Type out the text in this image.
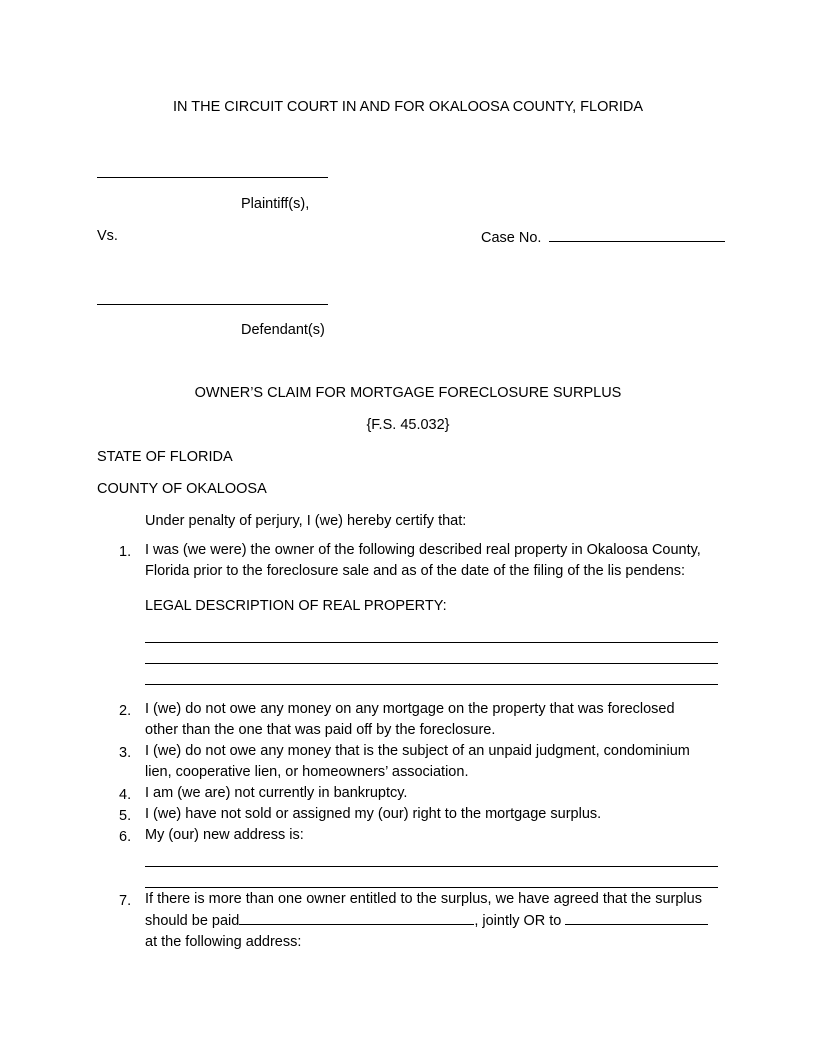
IN THE CIRCUIT COURT IN AND FOR OKALOOSA COUNTY, FLORIDA
Plaintiff(s),
Vs.	Case No.
Defendant(s)
OWNER’S CLAIM FOR MORTGAGE FORECLOSURE SURPLUS
{F.S. 45.032}
STATE OF FLORIDA
COUNTY OF OKALOOSA
Under penalty of perjury, I (we) hereby certify that:
1. I was (we were) the owner of the following described real property in Okaloosa County,
Florida prior to the foreclosure sale and as of the date of the filing of the lis pendens:
LEGAL DESCRIPTION OF REAL PROPERTY:
2. I (we) do not owe any money on any mortgage on the property that was foreclosed
other than the one that was paid off by the foreclosure.
3. I (we) do not owe any money that is the subject of an unpaid judgment, condominium
lien, cooperative lien, or homeowners’ association.
4. I am (we are) not currently in bankruptcy.
5. I (we) have not sold or assigned my (our) right to the mortgage surplus.
6. My (our) new address is:
7. If there is more than one owner entitled to the surplus, we have agreed that the surplus
should be paid	, jointly OR to
at the following address:
